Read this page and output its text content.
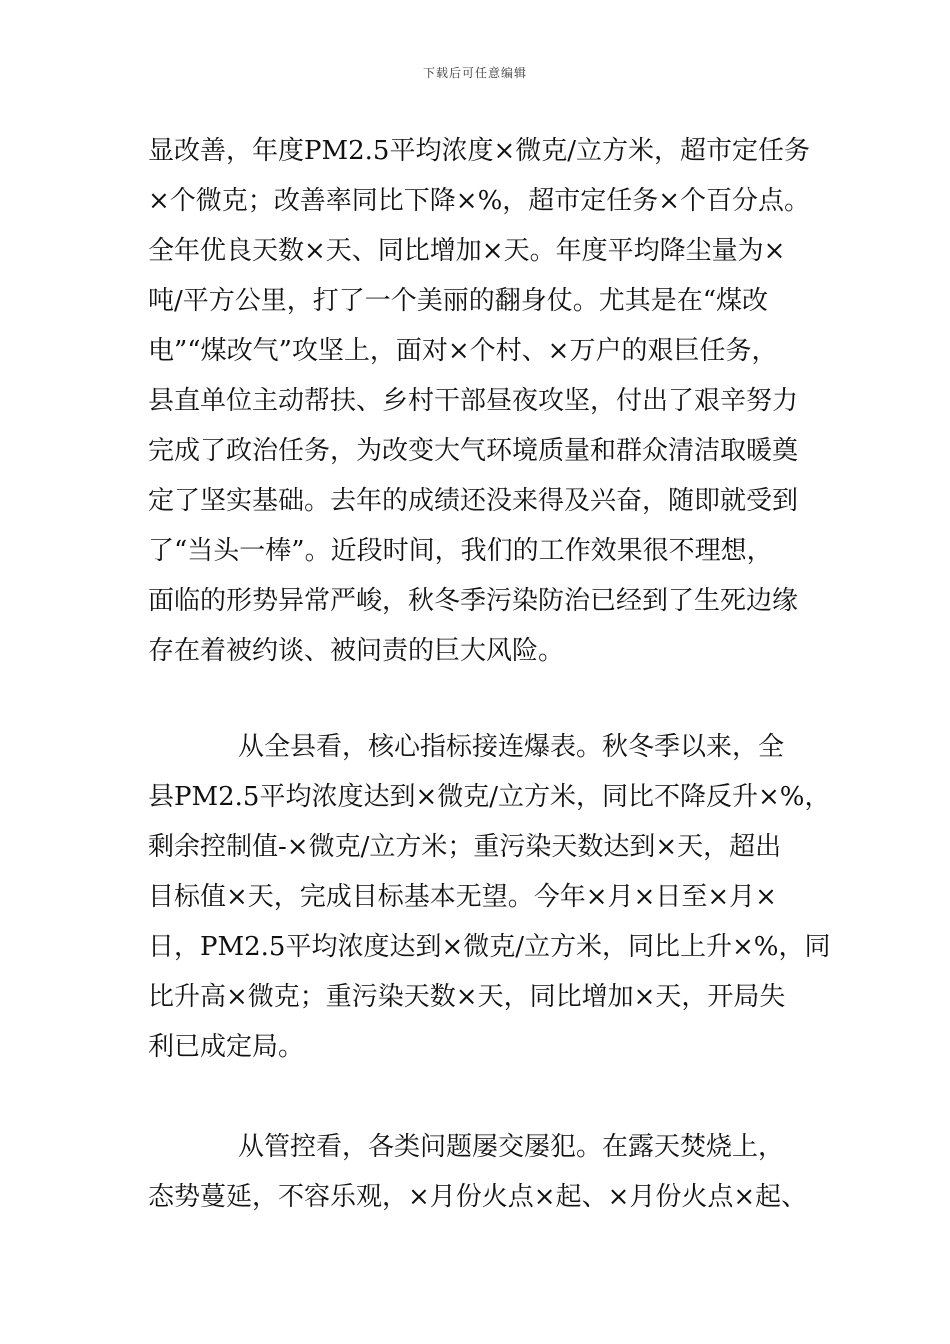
下载后可任意编辑
显改善，年度PM2.5平均浓度×微克/立方米，超市定任务
×个微克；改善率同比下降×%，超市定任务×个百分点。
全年优良天数×天、同比增加×天。年度平均降尘量为×
吨/平方公里，打了一个美丽的翻身仗。尤其是在“煤改
电”“煤改气”攻坚上，面对×个村、×万户的艰巨任务，
县直单位主动帮扶、乡村干部昼夜攻坚，付出了艰辛努力
完成了政治任务，为改变大气环境质量和群众清洁取暖奠
定了坚实基础。去年的成绩还没来得及兴奋，随即就受到
了“当头一棒”。近段时间，我们的工作效果很不理想，
面临的形势异常严峻，秋冬季污染防治已经到了生死边缘
存在着被约谈、被问责的巨大风险。
从全县看，核心指标接连爆表。秋冬季以来，全
县PM2.5平均浓度达到×微克/立方米，同比不降反升×%，
剩余控制值-×微克/立方米；重污染天数达到×天，超出
目标值×天，完成目标基本无望。今年×月×日至×月×
日，PM2.5平均浓度达到×微克/立方米，同比上升×%，同
比升高×微克；重污染天数×天，同比增加×天，开局失
利已成定局。
从管控看，各类问题屡交屡犯。在露天焚烧上，
态势蔓延，不容乐观，×月份火点×起、×月份火点×起、
